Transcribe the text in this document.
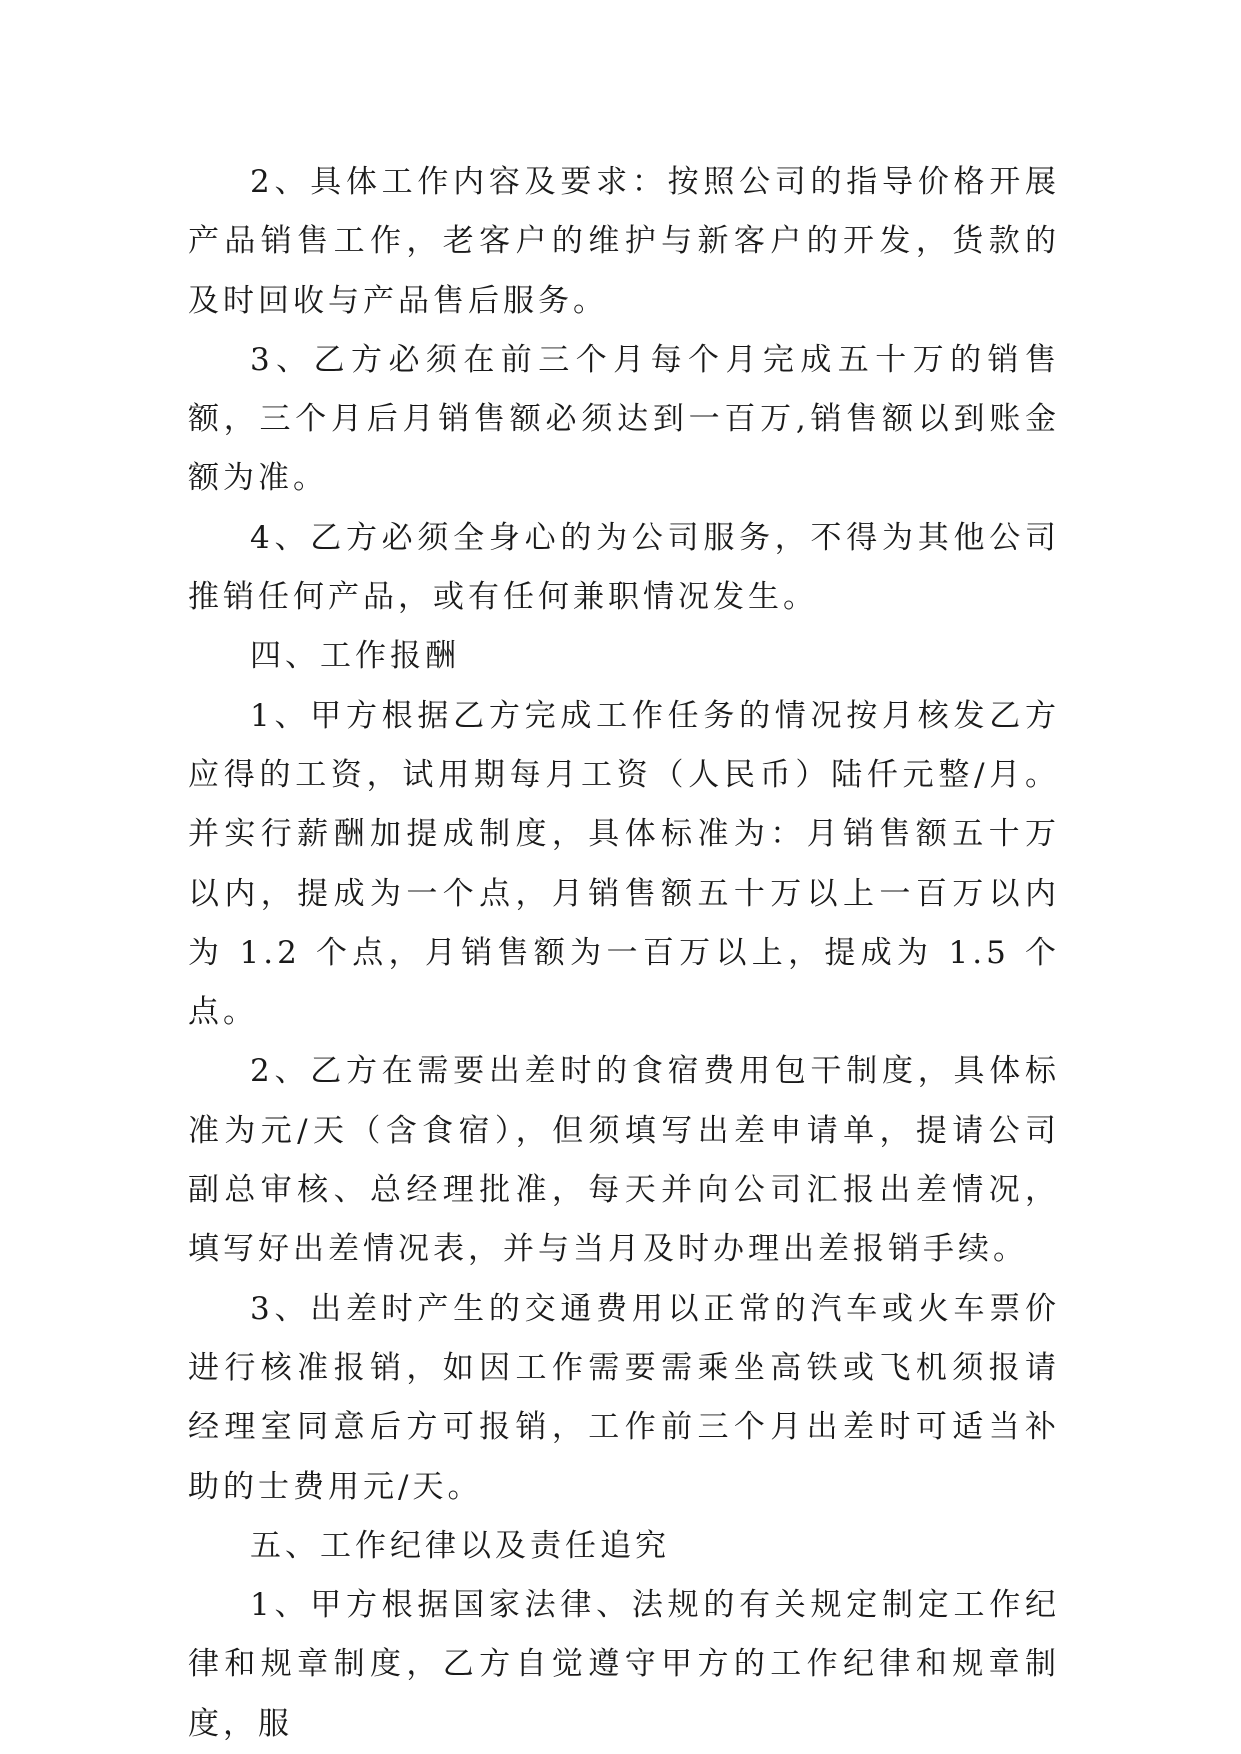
2、具体工作内容及要求：按照公司的指导价格开展产品销售工作，老客户的维护与新客户的开发，货款的及时回收与产品售后服务。

3、乙方必须在前三个月每个月完成五十万的销售额，三个月后月销售额必须达到一百万,销售额以到账金额为准。

4、乙方必须全身心的为公司服务，不得为其他公司推销任何产品，或有任何兼职情况发生。

四、工作报酬

1、甲方根据乙方完成工作任务的情况按月核发乙方应得的工资，试用期每月工资（人民币）陆仟元整/月。并实行薪酬加提成制度，具体标准为：月销售额五十万以内，提成为一个点，月销售额五十万以上一百万以内为 1.2 个点，月销售额为一百万以上，提成为 1.5 个点。

2、乙方在需要出差时的食宿费用包干制度，具体标准为元/天（含食宿），但须填写出差申请单，提请公司副总审核、总经理批准，每天并向公司汇报出差情况，填写好出差情况表，并与当月及时办理出差报销手续。

3、出差时产生的交通费用以正常的汽车或火车票价进行核准报销，如因工作需要需乘坐高铁或飞机须报请经理室同意后方可报销，工作前三个月出差时可适当补助的士费用元/天。

五、工作纪律以及责任追究

1、甲方根据国家法律、法规的有关规定制定工作纪律和规章制度，乙方自觉遵守甲方的工作纪律和规章制度，服
